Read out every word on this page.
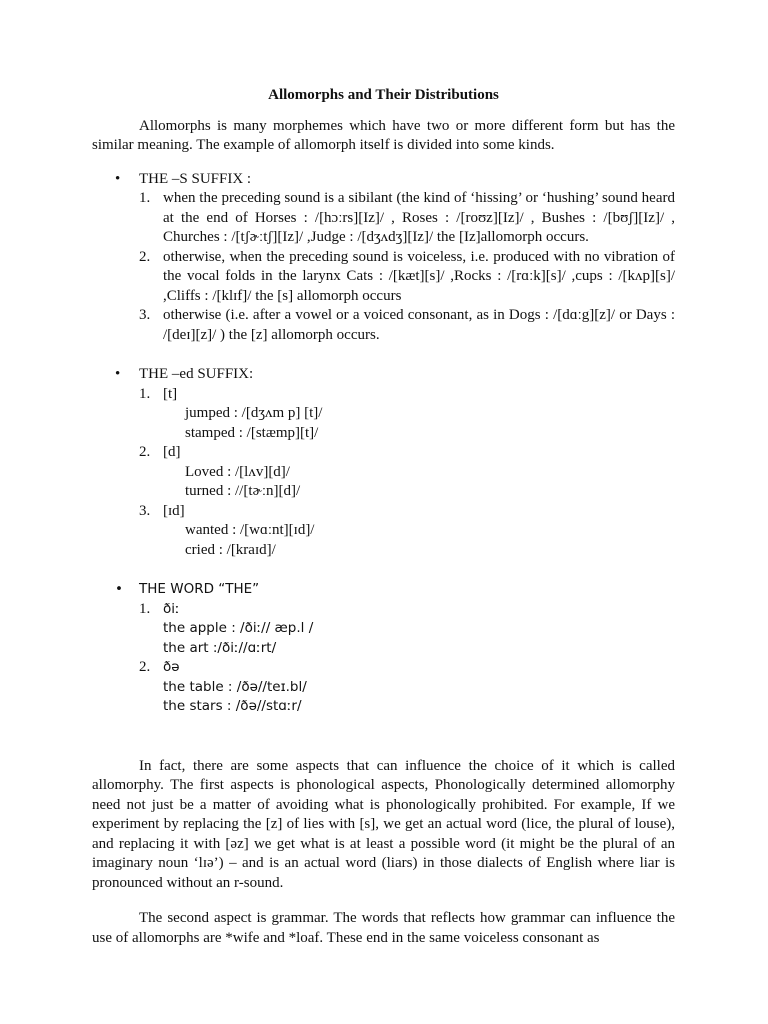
Allomorphs and Their Distributions

Allomorphs is many morphemes which have two or more different form but has the similar meaning. The example of allomorph itself is divided into some kinds.

• THE –S SUFFIX :

1. when the preceding sound is a sibilant (the kind of ‘hissing’ or ‘hushing’ sound heard at the end of Horses : /[hɔːrs][Iz]/ , Roses : /[roʊz][Iz]/ , Bushes : /[bʊʃ][Iz]/ , Churches : /[tʃɚːtʃ][Iz]/ ,Judge : /[dʒʌdʒ][Iz]/ the [Iz]allomorph occurs.
2. otherwise, when the preceding sound is voiceless, i.e. produced with no vibration of the vocal folds in the larynx Cats : /[kæt][s]/ ,Rocks : /[rɑːk][s]/ ,cups : /[kʌp][s]/ ,Cliffs : /[klɪf]/ the [s] allomorph occurs
3. otherwise (i.e. after a vowel or a voiced consonant, as in Dogs : /[dɑːg][z]/ or Days : /[deɪ][z]/ ) the [z] allomorph occurs.

• THE –ed SUFFIX:

1. [t]
jumped : /[dʒʌm p] [t]/
stamped : /[stæmp][t]/
2. [d]
Loved : /[lʌv][d]/
turned : //[tɚːn][d]/
3. [ɪd]
wanted : /[wɑːnt][ɪd]/
cried : /[kraɪd]/

• THE WORD “THE”

1. ðiː
the apple : /ðiː// æp.l /
the art :/ðiː//ɑːrt/
2. ðə
the table : /ðə//teɪ.bl/
the stars : /ðə//stɑːr/

In fact, there are some aspects that can influence the choice of it which is called allomorphy. The first aspects is phonological aspects, Phonologically determined allomorphy need not just be a matter of avoiding what is phonologically prohibited. For example, If we experiment by replacing the [z] of lies with [s], we get an actual word (lice, the plural of louse), and replacing it with [əz] we get what is at least a possible word (it might be the plural of an imaginary noun ‘lɪə’) – and is an actual word (liars) in those dialects of English where liar is pronounced without an r-sound.

The second aspect is grammar. The words that reflects how grammar can influence the use of allomorphs are *wife and *loaf. These end in the same voiceless consonant as
